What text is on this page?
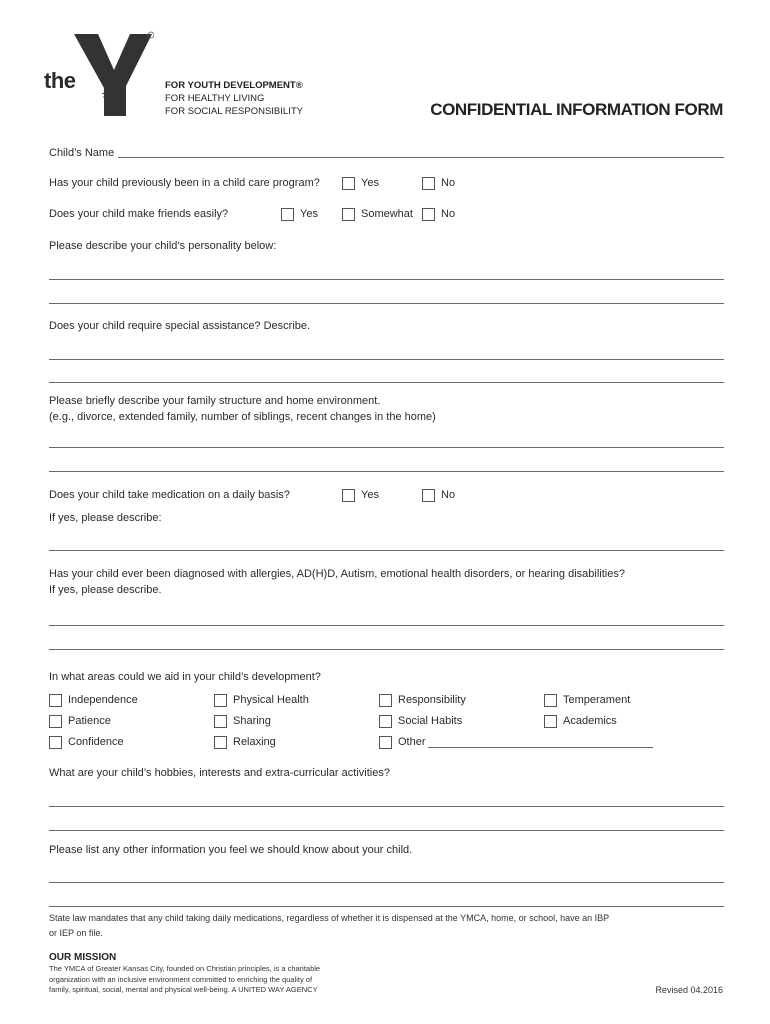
the
YMCA
FOR YOUTH DEVELOPMENT®
FOR HEALTHY LIVING
FOR SOCIAL RESPONSIBILITY	CONFIDENTIAL INFORMATION FORM
Child’s Name
Has your child previously been in a child care program?	Yes	No
Does your child make friends easily?	Yes	Somewhat	No
Please describe your child’s personality below:
Does your child require special assistance? Describe.
Please briefly describe your family structure and home environment.
(e.g., divorce, extended family, number of siblings, recent changes in the home)
Does your child take medication on a daily basis?	Yes	No
If yes, please describe:
Has your child ever been diagnosed with allergies, AD(H)D, Autism, emotional health disorders, or hearing disabilities?
If yes, please describe.
In what areas could we aid in your child’s development?
Independence	Physical Health	Responsibility	Temperament
Patience	Sharing	Social Habits	Academics
Confidence	Relaxing	Other
What are your child’s hobbies, interests and extra-curricular activities?
Please list any other information you feel we should know about your child.
State law mandates that any child taking daily medications, regardless of whether it is dispensed at the YMCA, home, or school, have an IBP
or IEP on file.
OUR MISSION
The YMCA of Greater Kansas City, founded on Christian principles, is a charitable
organization with an inclusive environment committed to enriching the quality of
family, spiritual, social, mental and physical well-being. A UNITED WAY AGENCY	Revised 04.2016
